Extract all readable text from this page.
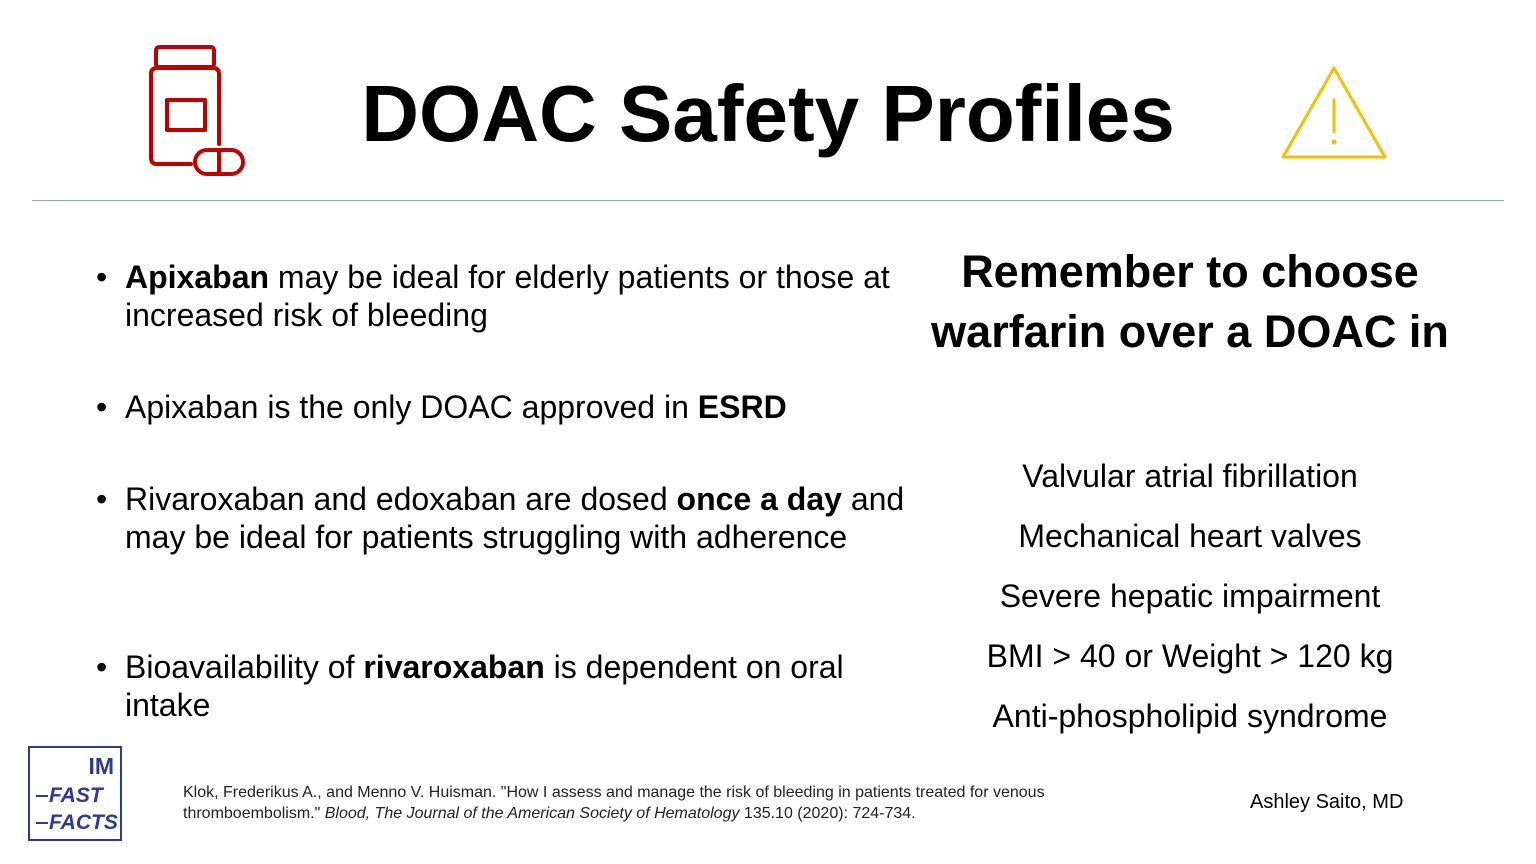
DOAC Safety Profiles
• Apixaban may be ideal for elderly patients or those at increased risk of bleeding
• Apixaban is the only DOAC approved in ESRD
• Rivaroxaban and edoxaban are dosed once a day and may be ideal for patients struggling with adherence
• Bioavailability of rivaroxaban is dependent on oral intake
Remember to choose warfarin over a DOAC in
Valvular atrial fibrillation
Mechanical heart valves
Severe hepatic impairment
BMI > 40 or Weight > 120 kg
Anti-phospholipid syndrome
IM
FAST
FACTS

Klok, Frederikus A., and Menno V. Huisman. "How I assess and manage the risk of bleeding in patients treated for venous thromboembolism." Blood, The Journal of the American Society of Hematology 135.10 (2020): 724-734.

Ashley Saito, MD
